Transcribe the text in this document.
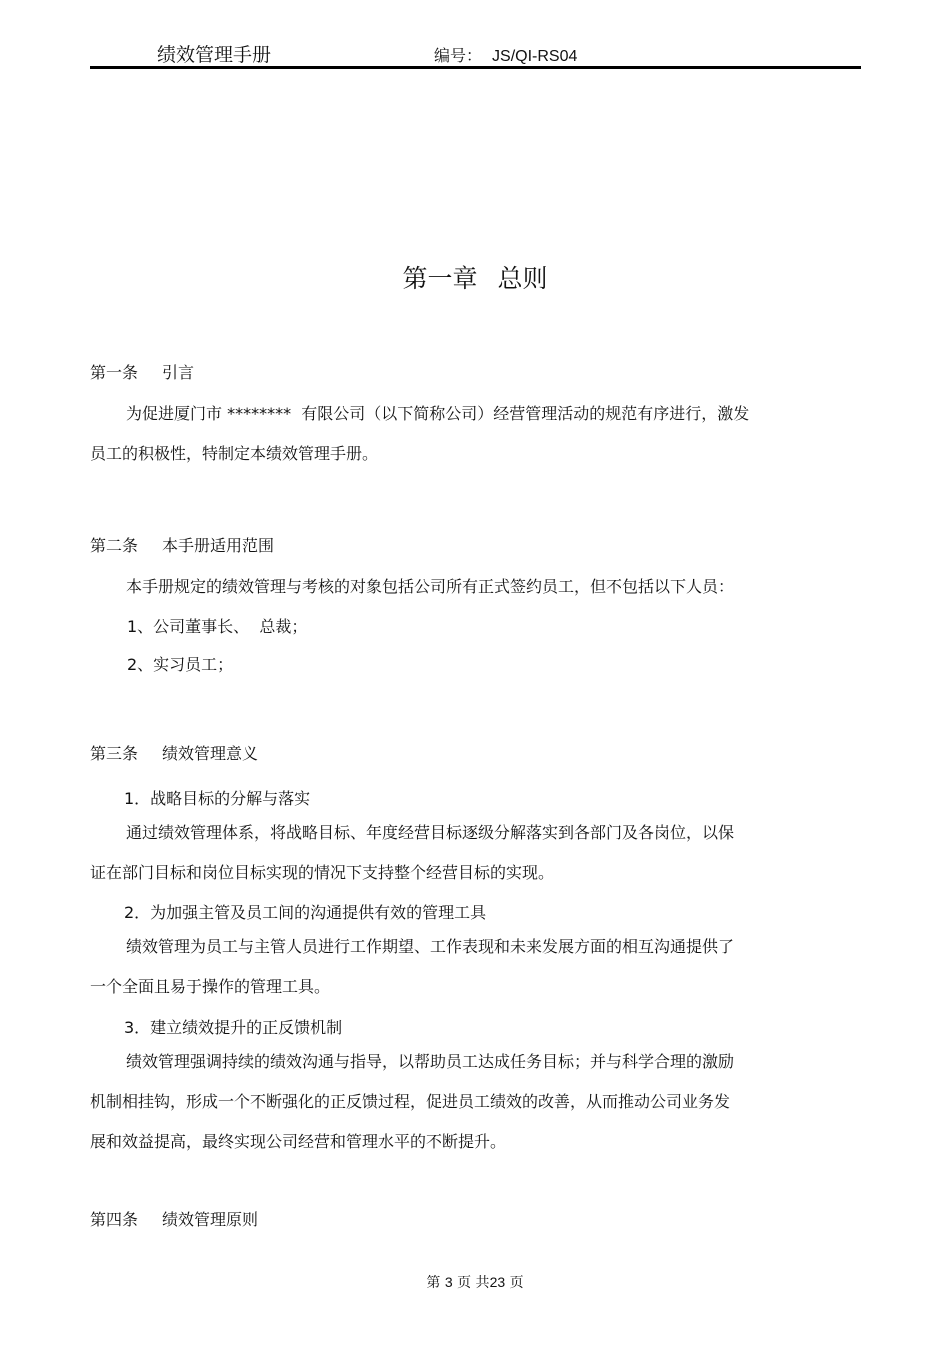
绩效管理手册	编号： JS/QI-RS04
第一章 总则
第一条 引言
为促进厦门市 ********  有限公司（以下简称公司）经营管理活动的规范有序进行，激发
员工的积极性，特制定本绩效管理手册。
第二条 本手册适用范围
本手册规定的绩效管理与考核的对象包括公司所有正式签约员工，但不包括以下人员：
1、公司董事长、  总裁；
2、实习员工；
第三条 绩效管理意义
1．战略目标的分解与落实
通过绩效管理体系，将战略目标、年度经营目标逐级分解落实到各部门及各岗位，以保
证在部门目标和岗位目标实现的情况下支持整个经营目标的实现。
2．为加强主管及员工间的沟通提供有效的管理工具
绩效管理为员工与主管人员进行工作期望、工作表现和未来发展方面的相互沟通提供了
一个全面且易于操作的管理工具。
3．建立绩效提升的正反馈机制
绩效管理强调持续的绩效沟通与指导，以帮助员工达成任务目标；并与科学合理的激励
机制相挂钩，形成一个不断强化的正反馈过程，促进员工绩效的改善，从而推动公司业务发
展和效益提高，最终实现公司经营和管理水平的不断提升。
第四条 绩效管理原则
第 3 页 共23 页
